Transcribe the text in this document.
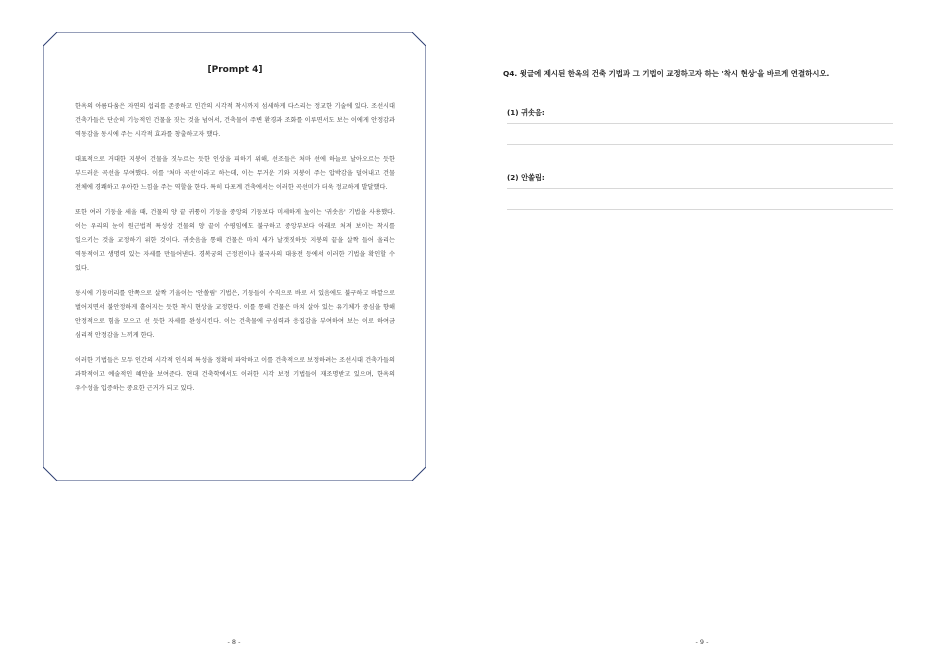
[Prompt 4]

한옥의 아름다움은 자연의 섭리를 존중하고 인간의 시각적 착시까지 섬세하게 다스리는 정교한 기술에 있다. 조선시대 건축가들은 단순히 기능적인 건물을 짓는 것을 넘어서, 건축물이 주변 환경과 조화를 이루면서도 보는 이에게 안정감과 역동감을 동시에 주는 시각적 효과를 창출하고자 했다.

대표적으로 거대한 지붕이 건물을 짓누르는 듯한 인상을 피하기 위해, 선조들은 처마 선에 하늘로 날아오르는 듯한 부드러운 곡선을 부여했다. 이를 '처마 곡선'이라고 하는데, 이는 무거운 기와 지붕이 주는 압박감을 덜어내고 건물 전체에 경쾌하고 우아한 느낌을 주는 역할을 한다. 특히 다포계 건축에서는 이러한 곡선미가 더욱 정교하게 발달했다.

또한 여러 기둥을 세울 때, 건물의 양 끝 귀퉁이 기둥을 중앙의 기둥보다 미세하게 높이는 '귀솟음' 기법을 사용했다. 이는 우리의 눈이 원근법적 특성상 건물의 양 끝이 수평임에도 불구하고 중앙부보다 아래로 처져 보이는 착시를 일으키는 것을 교정하기 위한 것이다. 귀솟음을 통해 건물은 마치 새가 날갯짓하듯 지붕의 끝을 살짝 들어 올리는 역동적이고 생명력 있는 자세를 만들어낸다. 경복궁의 근정전이나 불국사의 대웅전 등에서 이러한 기법을 확인할 수 있다.

동시에 기둥머리를 안쪽으로 살짝 기울이는 '안쏠림' 기법은, 기둥들이 수직으로 바로 서 있음에도 불구하고 바깥으로 벌어지면서 불안정하게 흩어지는 듯한 착시 현상을 교정한다. 이를 통해 건물은 마치 살아 있는 유기체가 중심을 향해 안정적으로 힘을 모으고 선 듯한 자세를 완성시킨다. 이는 건축물에 구심력과 응집감을 부여하여 보는 이로 하여금 심리적 안정감을 느끼게 한다.

이러한 기법들은 모두 인간의 시각적 인식의 특성을 정확히 파악하고 이를 건축적으로 보정하려는 조선시대 건축가들의 과학적이고 예술적인 혜안을 보여준다. 현대 건축학에서도 이러한 시각 보정 기법들이 재조명받고 있으며, 한옥의 우수성을 입증하는 중요한 근거가 되고 있다.

- 8 -
Q4. 윗글에 제시된 한옥의 건축 기법과 그 기법이 교정하고자 하는 '착시 현상'을 바르게 연결하시오.
(1) 귀솟음:
(2) 안쏠림:
- 9 -
